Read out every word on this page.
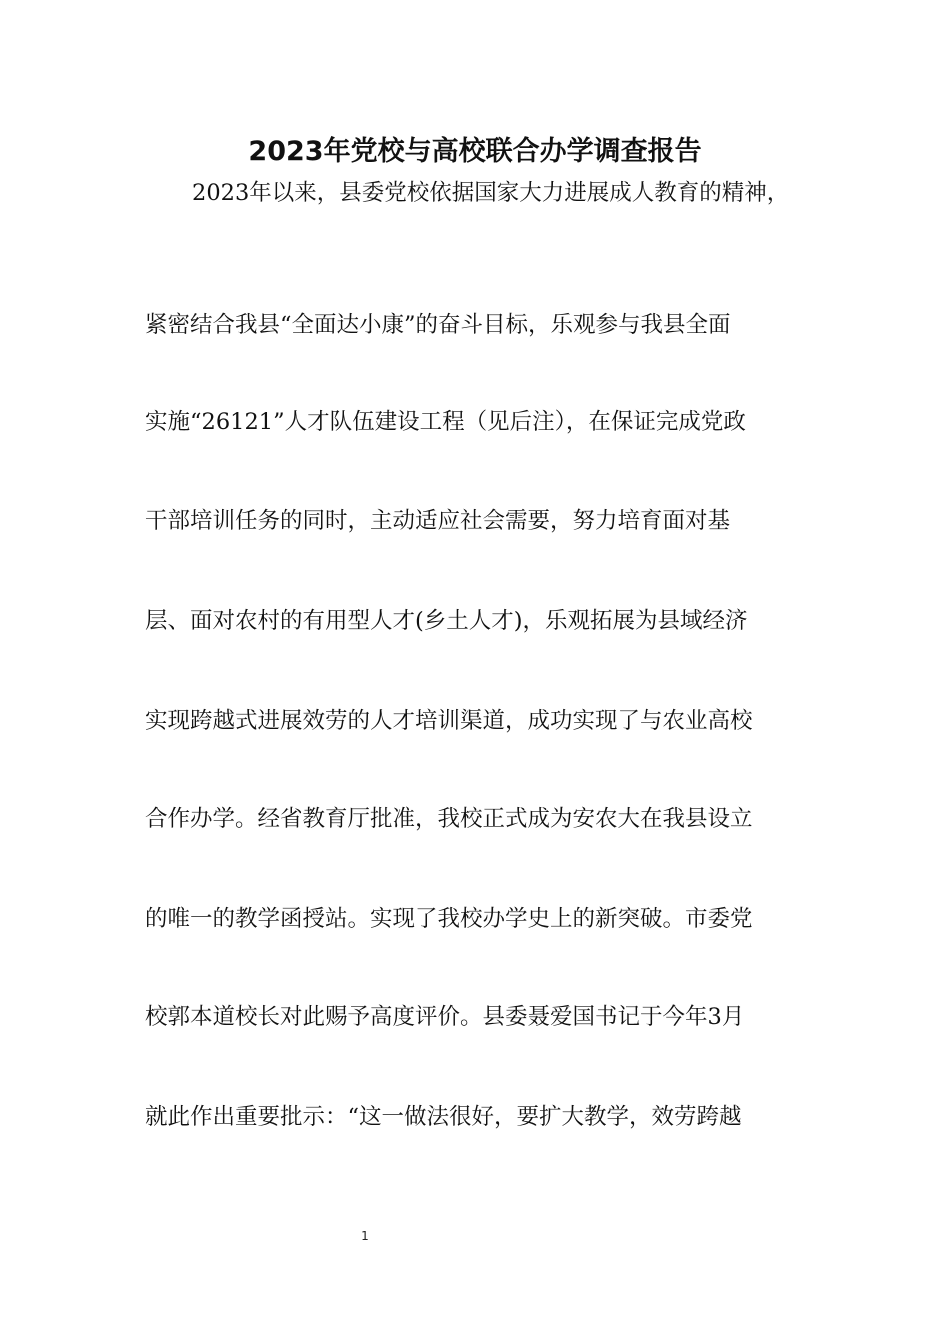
2023年党校与高校联合办学调查报告

2023年以来，县委党校依据国家大力进展成人教育的精神，

紧密结合我县“全面达小康”的奋斗目标，乐观参与我县全面

实施“26121”人才队伍建设工程（见后注），在保证完成党政

干部培训任务的同时，主动适应社会需要，努力培育面对基

层、面对农村的有用型人才(乡土人才)，乐观拓展为县域经济

实现跨越式进展效劳的人才培训渠道，成功实现了与农业高校

合作办学。经省教育厅批准，我校正式成为安农大在我县设立

的唯一的教学函授站。实现了我校办学史上的新突破。市委党

校郭本道校长对此赐予高度评价。县委聂爱国书记于今年3月

就此作出重要批示：“这一做法很好，要扩大教学，效劳跨越

1
